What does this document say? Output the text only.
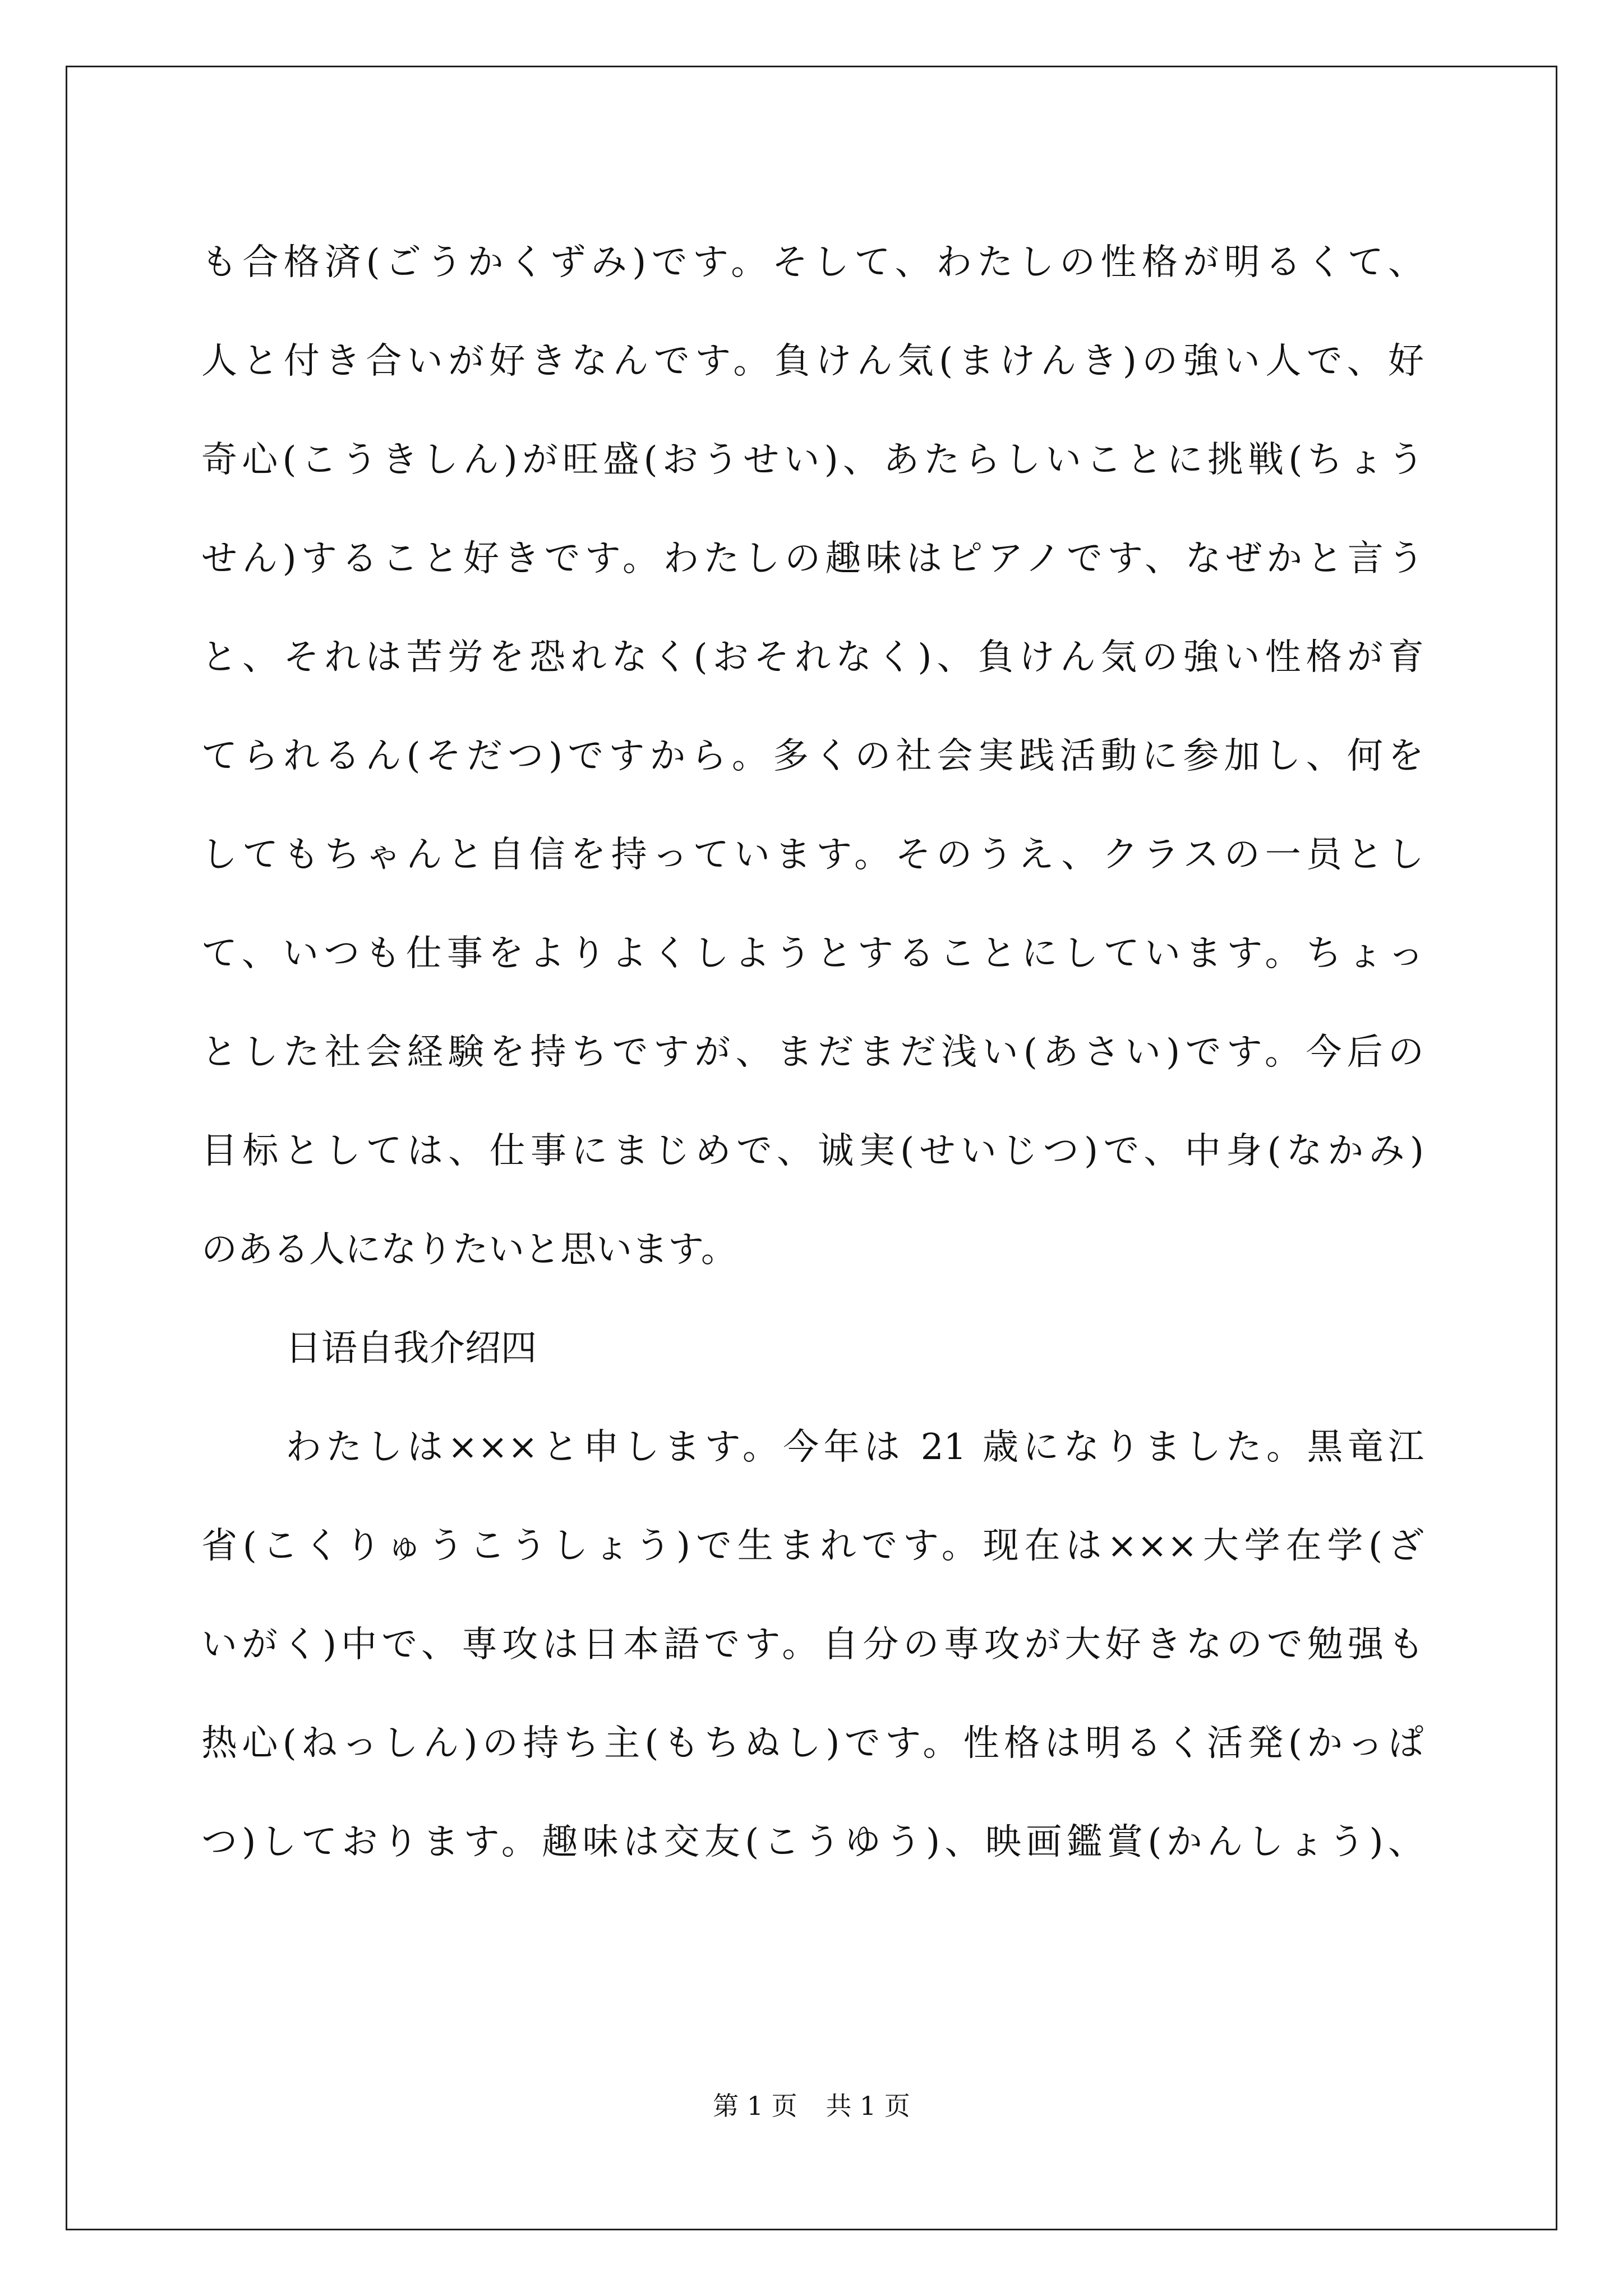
も合格済(ごうかくずみ)です。そして、わたしの性格が明るくて、
人と付き合いが好きなんです。負けん気(まけんき)の強い人で、好
奇心(こうきしん)が旺盛(おうせい)、あたらしいことに挑戦(ちょう
せん)すること好きです。わたしの趣味はピアノです、なぜかと言う
と、それは苦労を恐れなく(おそれなく)、負けん気の強い性格が育
てられるん(そだつ)ですから。多くの社会実践活動に参加し、何を
してもちゃんと自信を持っています。そのうえ、クラスの一员とし
て、いつも仕事をよりよくしようとすることにしています。ちょっ
とした社会経験を持ちですが、まだまだ浅い(あさい)です。今后の
目标としては、仕事にまじめで、诚実(せいじつ)で、中身(なかみ)
のある人になりたいと思います。
日语自我介绍四
わたしは×××と申します。今年は 21 歳になりました。黒竜江
省(こくりゅうこうしょう)で生まれです。现在は×××大学在学(ざ
いがく)中で、専攻は日本語です。自分の専攻が大好きなので勉强も
热心(ねっしん)の持ち主(もちぬし)です。性格は明るく活発(かっぱ
つ)しております。趣味は交友(こうゆう)、映画鑑賞(かんしょう)、
第 1 页 共 1 页
